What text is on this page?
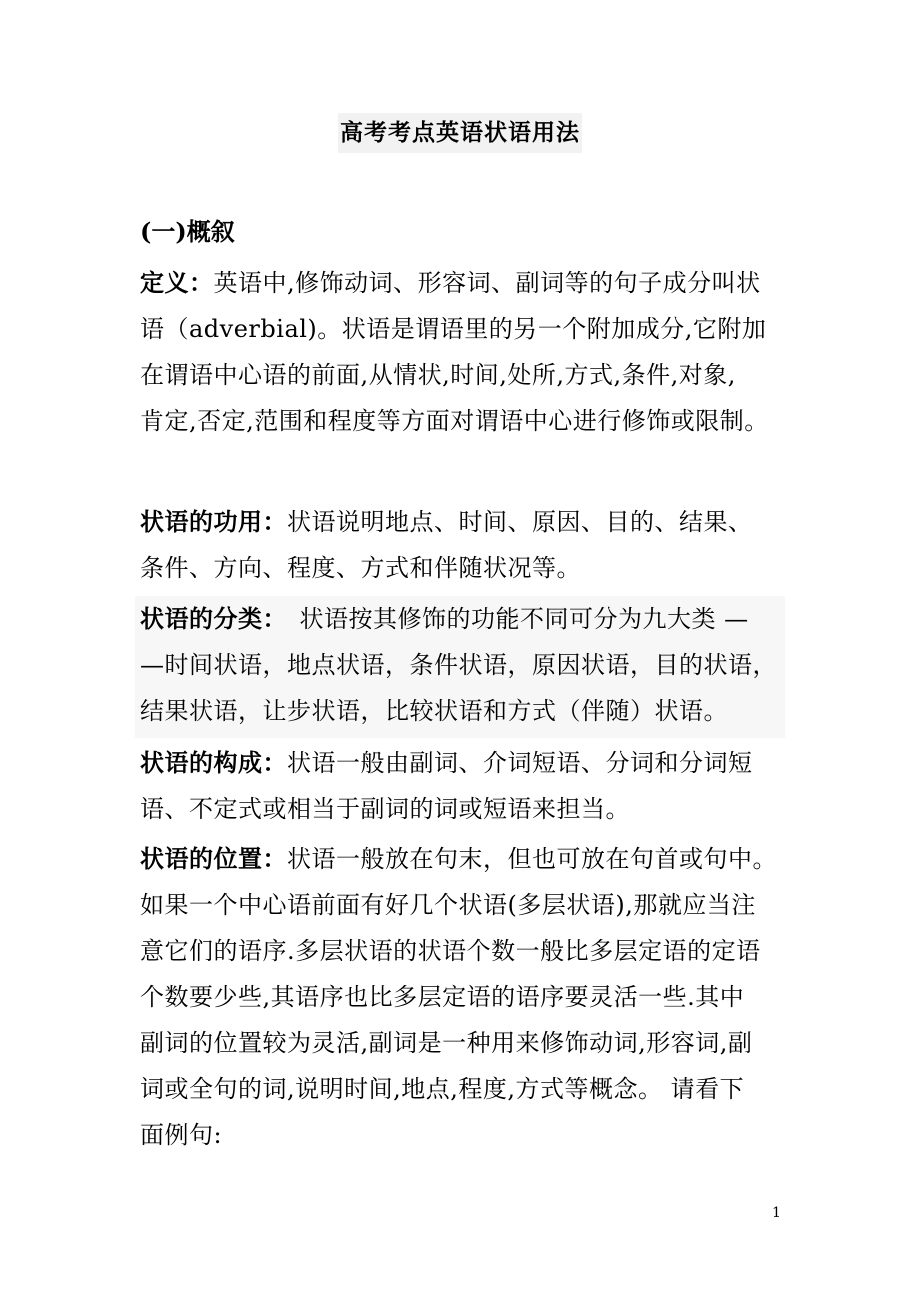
高考考点英语状语用法
(一)概叙
定义：英语中,修饰动词、形容词、副词等的句子成分叫状
语（adverbial)。状语是谓语里的另一个附加成分,它附加
在谓语中心语的前面,从情状,时间,处所,方式,条件,对象,
肯定,否定,范围和程度等方面对谓语中心进行修饰或限制。
状语的功用：状语说明地点、时间、原因、目的、结果、
条件、方向、程度、方式和伴随状况等。
状语的分类：　状语按其修饰的功能不同可分为九大类 —
—时间状语，地点状语，条件状语，原因状语，目的状语，
结果状语，让步状语，比较状语和方式（伴随）状语。
状语的构成：状语一般由副词、介词短语、分词和分词短
语、不定式或相当于副词的词或短语来担当。
状语的位置：状语一般放在句末，但也可放在句首或句中。
如果一个中心语前面有好几个状语(多层状语),那就应当注
意它们的语序.多层状语的状语个数一般比多层定语的定语
个数要少些,其语序也比多层定语的语序要灵活一些.其中
副词的位置较为灵活,副词是一种用来修饰动词,形容词,副
词或全句的词,说明时间,地点,程度,方式等概念。 请看下
面例句:
1
